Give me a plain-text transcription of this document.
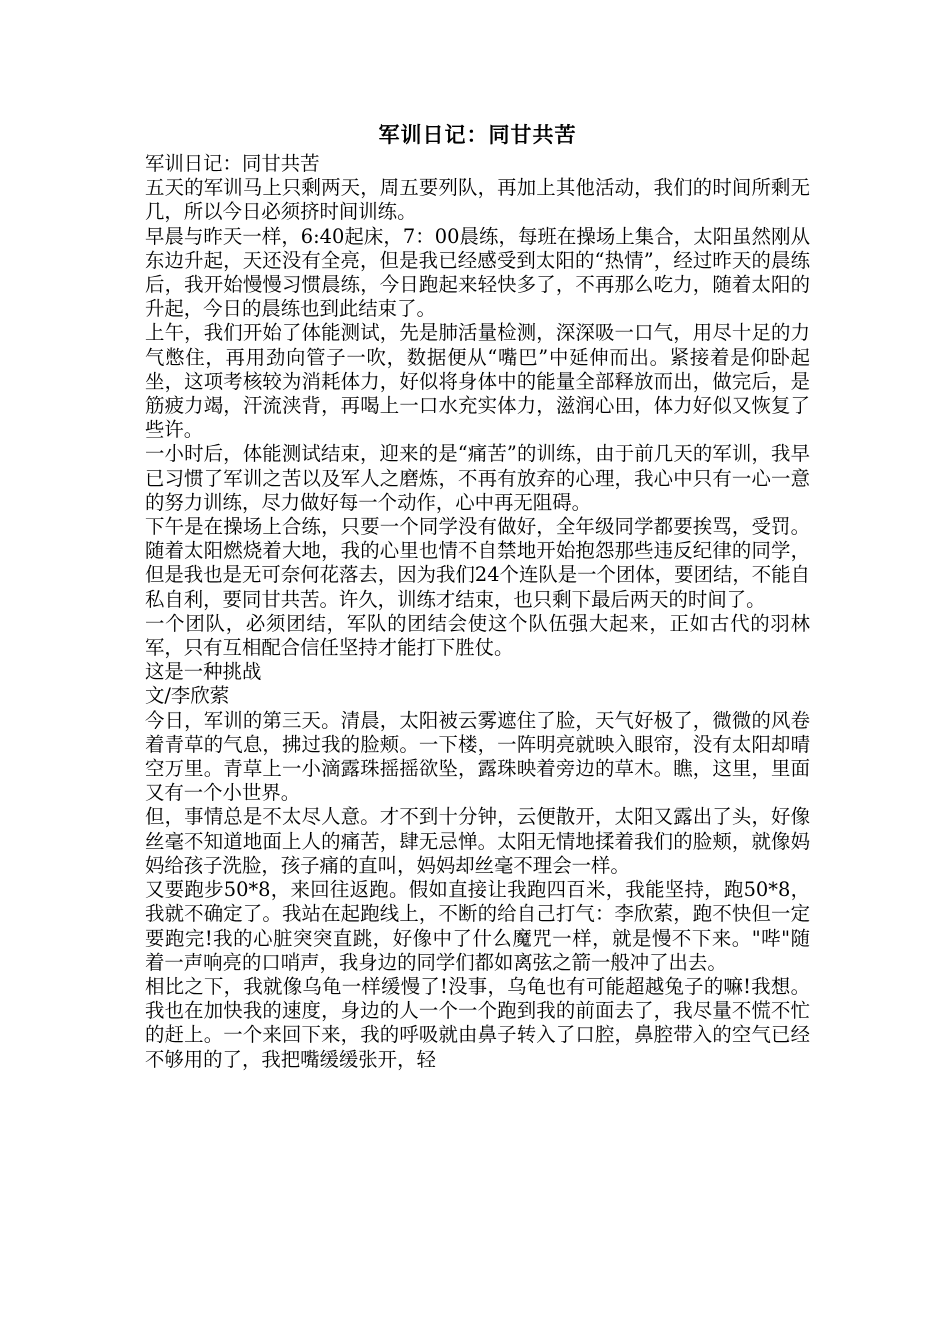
军训日记：同甘共苦

军训日记：同甘共苦

五天的军训马上只剩两天，周五要列队，再加上其他活动，我们的时间所剩无几，所以今日必须挤时间训练。

早晨与昨天一样，6:40起床，7：00晨练，每班在操场上集合，太阳虽然刚从东边升起，天还没有全亮，但是我已经感受到太阳的“热情”，经过昨天的晨练后，我开始慢慢习惯晨练，今日跑起来轻快多了，不再那么吃力，随着太阳的升起，今日的晨练也到此结束了。

上午，我们开始了体能测试，先是肺活量检测，深深吸一口气，用尽十足的力气憋住，再用劲向管子一吹，数据便从“嘴巴”中延伸而出。紧接着是仰卧起坐，这项考核较为消耗体力，好似将身体中的能量全部释放而出，做完后，是筋疲力竭，汗流浃背，再喝上一口水充实体力，滋润心田，体力好似又恢复了些许。

一小时后，体能测试结束，迎来的是“痛苦”的训练，由于前几天的军训，我早已习惯了军训之苦以及军人之磨炼，不再有放弃的心理，我心中只有一心一意的努力训练，尽力做好每一个动作，心中再无阻碍。

下午是在操场上合练，只要一个同学没有做好，全年级同学都要挨骂，受罚。随着太阳燃烧着大地，我的心里也情不自禁地开始抱怨那些违反纪律的同学，但是我也是无可奈何花落去，因为我们24个连队是一个团体，要团结，不能自私自利，要同甘共苦。许久，训练才结束，也只剩下最后两天的时间了。

一个团队，必须团结，军队的团结会使这个队伍强大起来，正如古代的羽林军，只有互相配合信任坚持才能打下胜仗。

这是一种挑战

文/李欣萦

今日，军训的第三天。清晨，太阳被云雾遮住了脸，天气好极了，微微的风卷着青草的气息，拂过我的脸颊。一下楼，一阵明亮就映入眼帘，没有太阳却晴空万里。青草上一小滴露珠摇摇欲坠，露珠映着旁边的草木。瞧，这里，里面又有一个小世界。

但，事情总是不太尽人意。才不到十分钟，云便散开，太阳又露出了头，好像丝毫不知道地面上人的痛苦，肆无忌惮。太阳无情地揉着我们的脸颊，就像妈妈给孩子洗脸，孩子痛的直叫，妈妈却丝毫不理会一样。

又要跑步50*8，来回往返跑。假如直接让我跑四百米，我能坚持，跑50*8，我就不确定了。我站在起跑线上，不断的给自己打气：李欣萦，跑不快但一定要跑完!我的心脏突突直跳，好像中了什么魔咒一样，就是慢不下来。"哔"随着一声响亮的口哨声，我身边的同学们都如离弦之箭一般冲了出去。

相比之下，我就像乌龟一样缓慢了!没事，乌龟也有可能超越兔子的嘛!我想。我也在加快我的速度，身边的人一个一个跑到我的前面去了，我尽量不慌不忙的赶上。一个来回下来，我的呼吸就由鼻子转入了口腔，鼻腔带入的空气已经不够用的了，我把嘴缓缓张开，轻
